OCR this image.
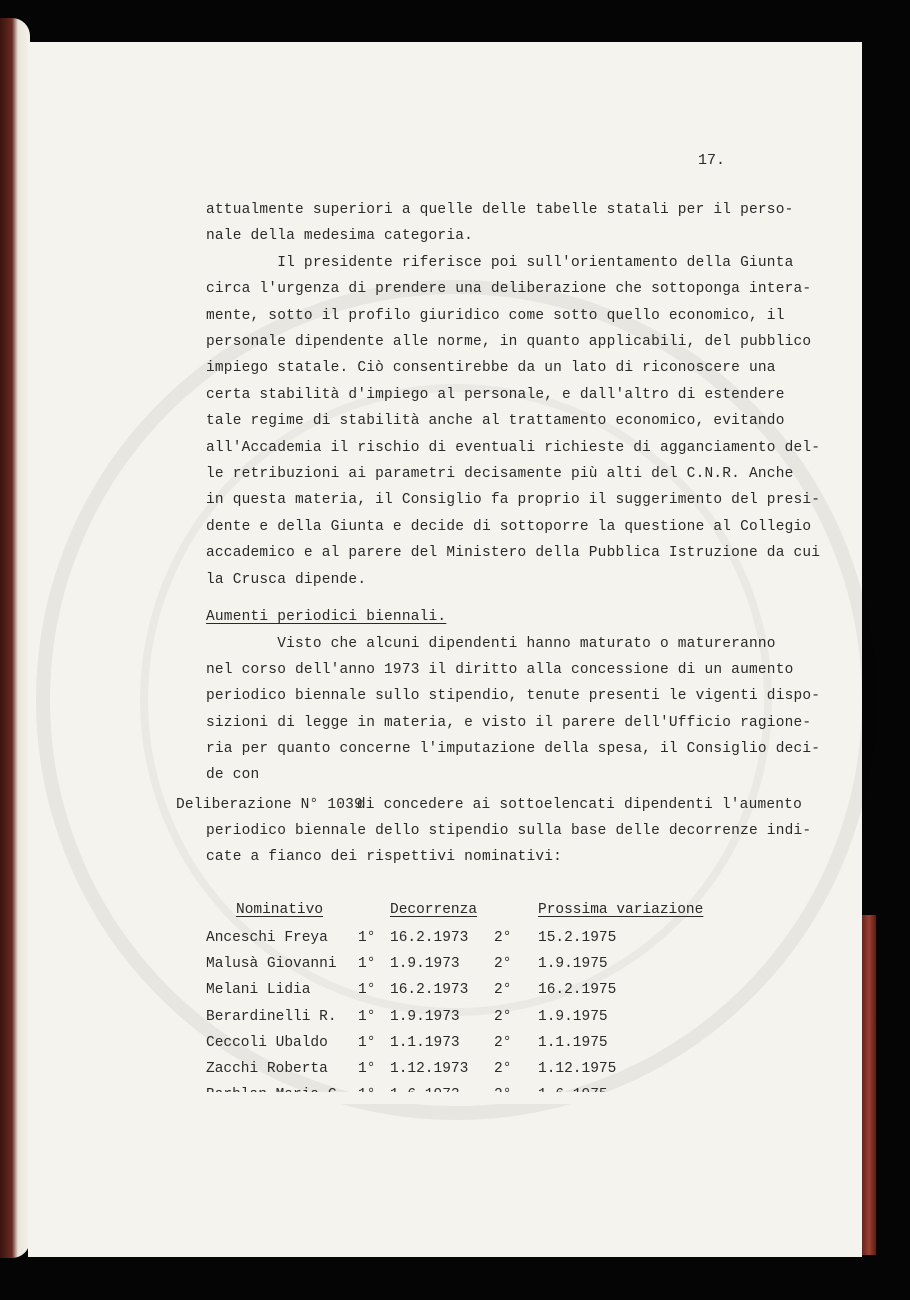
17.
attualmente superiori a quelle delle tabelle statali per il perso-
nale della medesima categoria.
Il presidente riferisce poi sull'orientamento della Giunta
circa l'urgenza di prendere una deliberazione che sottoponga intera-
mente, sotto il profilo giuridico come sotto quello economico, il
personale dipendente alle norme, in quanto applicabili, del pubblico
impiego statale. Ciò consentirebbe da un lato di riconoscere una
certa stabilità d'impiego al personale, e dall'altro di estendere
tale regime di stabilità anche al trattamento economico, evitando
all'Accademia il rischio di eventuali richieste di agganciamento del-
le retribuzioni ai parametri decisamente più alti del C.N.R. Anche
in questa materia, il Consiglio fa proprio il suggerimento del presi-
dente e della Giunta e decide di sottoporre la questione al Collegio
accademico e al parere del Ministero della Pubblica Istruzione da cui
la Crusca dipende.
Aumenti periodici biennali.
Visto che alcuni dipendenti hanno maturato o matureranno
nel corso dell'anno 1973 il diritto alla concessione di un aumento
periodico biennale sullo stipendio, tenute presenti le vigenti dispo-
sizioni di legge in materia, e visto il parere dell'Ufficio ragione-
ria per quanto concerne l'imputazione della spesa, il Consiglio deci-
de con
Deliberazione N° 1039
di concedere ai sottoelencati dipendenti l'aumento
periodico biennale dello stipendio sulla base delle decorrenze indi-
cate a fianco dei rispettivi nominativi:
Nominativo	Decorrenza	Prossima variazione
Anceschi Freya 1° 16.2.1973 2° 15.2.1975
Malusà Giovanni 1° 1.9.1973 2° 1.9.1975
Melani Lidia	1° 16.2.1973 2° 16.2.1975
Berardinelli R. 1° 1.9.1973 2° 1.9.1975
Ceccoli Ubaldo 1° 1.1.1973 2° 1.1.1975
Zacchi Roberta 1° 1.12.1973 2° 1.12.1975
